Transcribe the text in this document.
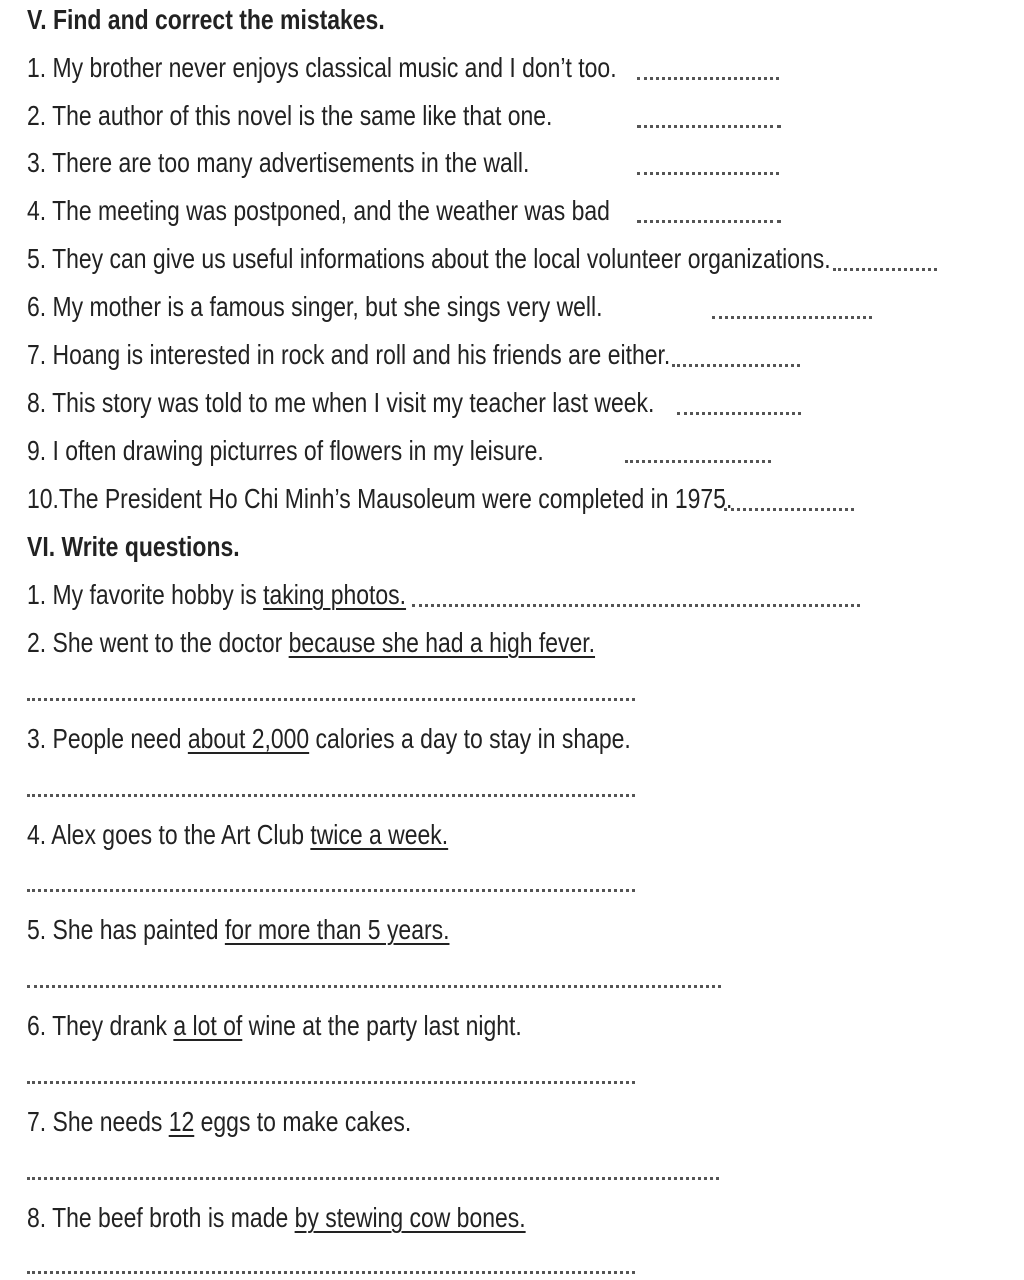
V. Find and correct the mistakes.
1. My brother never enjoys classical music and I don’t too.
2. The author of this novel is the same like that one.
3. There are too many advertisements in the wall.
4. The meeting was postponed, and the weather was bad
5. They can give us useful informations about the local volunteer organizations.
6. My mother is a famous singer, but she sings very well.
7. Hoang is interested in rock and roll and his friends are either.
8. This story was told to me when I visit my teacher last week.
9. I often drawing picturres of flowers in my leisure.
10.The President Ho Chi Minh’s Mausoleum were completed in 1975.
VI. Write questions.
1. My favorite hobby is taking photos.
2. She went to the doctor because she had a high fever.
3. People need about 2,000 calories a day to stay in shape.
4. Alex goes to the Art Club twice a week.
5. She has painted for more than 5 years.
6. They drank a lot of wine at the party last night.
7. She needs 12 eggs to make cakes.
8. The beef broth is made by stewing cow bones.
